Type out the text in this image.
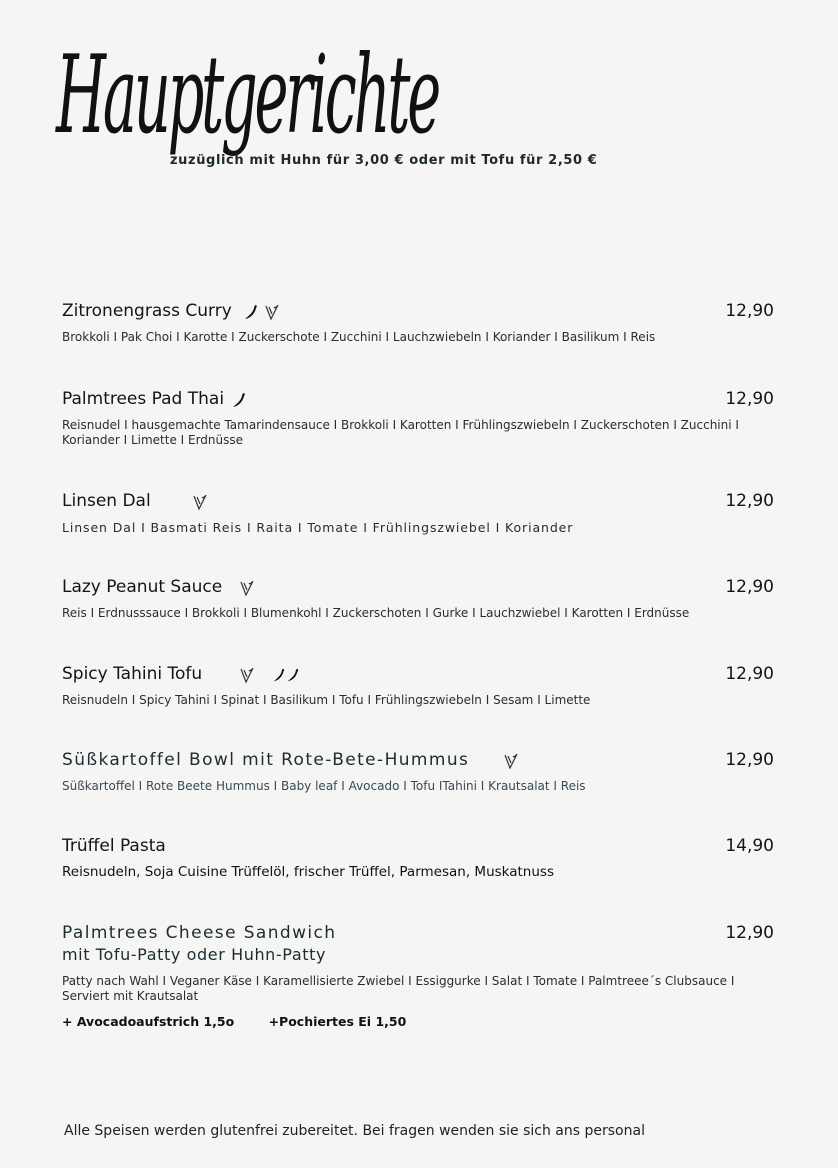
Hauptgerichte
zuzüglich mit Huhn für 3,00 € oder mit Tofu für 2,50 €
Zitronengrass Curry	12,90
Brokkoli I Pak Choi I Karotte I Zuckerschote I Zucchini I Lauchzwiebeln I Koriander I Basilikum I Reis
Palmtrees Pad Thai	12,90
Reisnudel I hausgemachte Tamarindensauce I Brokkoli I Karotten I Frühlingszwiebeln I Zuckerschoten I Zucchini I Koriander I Limette I Erdnüsse
Linsen Dal	12,90
Linsen Dal I Basmati Reis I Raita I Tomate I Frühlingszwiebel I Koriander
Lazy Peanut Sauce	12,90
Reis I Erdnusssauce I Brokkoli I Blumenkohl I Zuckerschoten I Gurke I Lauchzwiebel I Karotten I Erdnüsse
Spicy Tahini Tofu	12,90
Reisnudeln I Spicy Tahini I Spinat I Basilikum I Tofu I Frühlingszwiebeln I Sesam I Limette
Süßkartoffel Bowl mit Rote-Bete-Hummus	12,90
Süßkartoffel I Rote Beete Hummus I Baby leaf I Avocado I Tofu ITahini I Krautsalat I Reis
Trüffel Pasta	14,90
Reisnudeln, Soja Cuisine Trüffelöl, frischer Trüffel, Parmesan, Muskatnuss
Palmtrees Cheese Sandwich	12,90
mit Tofu-Patty oder Huhn-Patty
Patty nach Wahl I Veganer Käse I Karamellisierte Zwiebel I Essiggurke I Salat I Tomate I Palmtreee´s Clubsauce I Serviert mit Krautsalat
+ Avocadoaufstrich 1,5o	+Pochiertes Ei 1,50
Alle Speisen werden glutenfrei zubereitet. Bei fragen wenden sie sich ans personal
